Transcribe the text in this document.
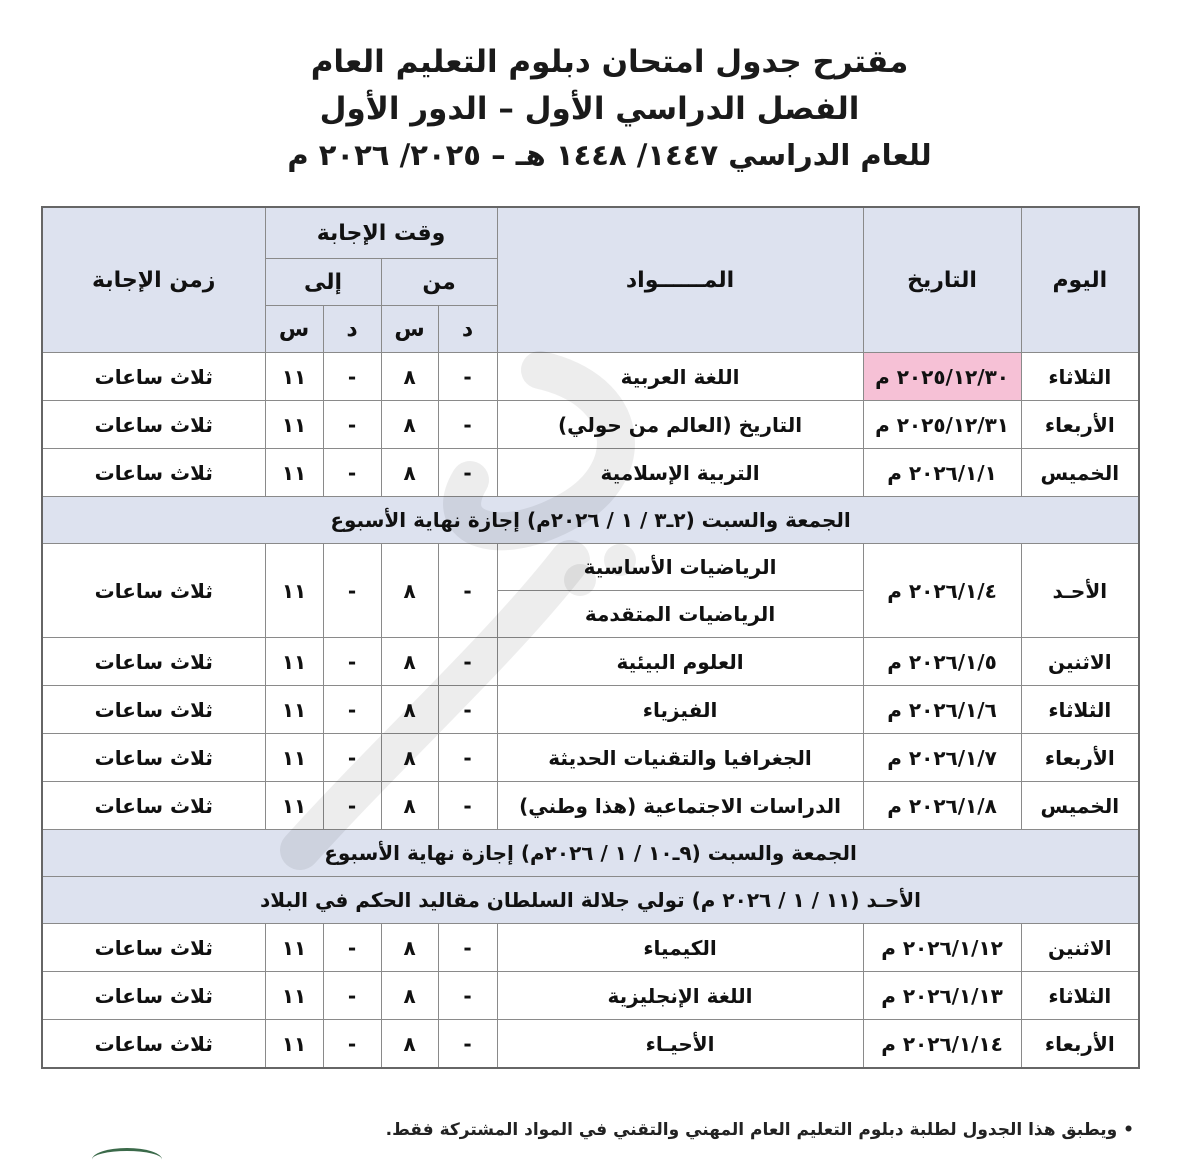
مقترح جدول امتحان دبلوم التعليم العام
الفصل الدراسي الأول – الدور الأول
للعام الدراسي ١٤٤٧/ ١٤٤٨ هـ – ٢٠٢٥/ ٢٠٢٦ م
اليوم	التاريخ	المــــــواد	وقت الإجابة				زمن الإجابة
			من		إلى		
			د	س	د	س	
الثلاثاء	٢٠٢٥/١٢/٣٠ م	اللغة العربية	-	٨	-	١١	ثلاث ساعات
الأربعاء	٢٠٢٥/١٢/٣١ م	التاريخ (العالم من حولي)	-	٨	-	١١	ثلاث ساعات
الخميس	٢٠٢٦/١/١ م	التربية الإسلامية	-	٨	-	١١	ثلاث ساعات
الجمعة والسبت (٢ـ٣ / ١ / ٢٠٢٦م) إجازة نهاية الأسبوع							
الأحـد	٢٠٢٦/١/٤ م	الرياضيات الأساسية	-	٨	-	١١	ثلاث ساعات
		الرياضيات المتقدمة					
الاثنين	٢٠٢٦/١/٥ م	العلوم البيئية	-	٨	-	١١	ثلاث ساعات
الثلاثاء	٢٠٢٦/١/٦ م	الفيزياء	-	٨	-	١١	ثلاث ساعات
الأربعاء	٢٠٢٦/١/٧ م	الجغرافيا والتقنيات الحديثة	-	٨	-	١١	ثلاث ساعات
الخميس	٢٠٢٦/١/٨ م	الدراسات الاجتماعية (هذا وطني)	-	٨	-	١١	ثلاث ساعات
الجمعة والسبت (٩ـ١٠ / ١ / ٢٠٢٦م) إجازة نهاية الأسبوع							
الأحـد (١١ / ١ / ٢٠٢٦ م) تولي جلالة السلطان مقاليد الحكم في البلاد							
الاثنين	٢٠٢٦/١/١٢ م	الكيمياء	-	٨	-	١١	ثلاث ساعات
الثلاثاء	٢٠٢٦/١/١٣ م	اللغة الإنجليزية	-	٨	-	١١	ثلاث ساعات
الأربعاء	٢٠٢٦/١/١٤ م	الأحيـاء	-	٨	-	١١	ثلاث ساعات
• ويطبق هذا الجدول لطلبة دبلوم التعليم العام المهني والتقني في المواد المشتركة فقط.
